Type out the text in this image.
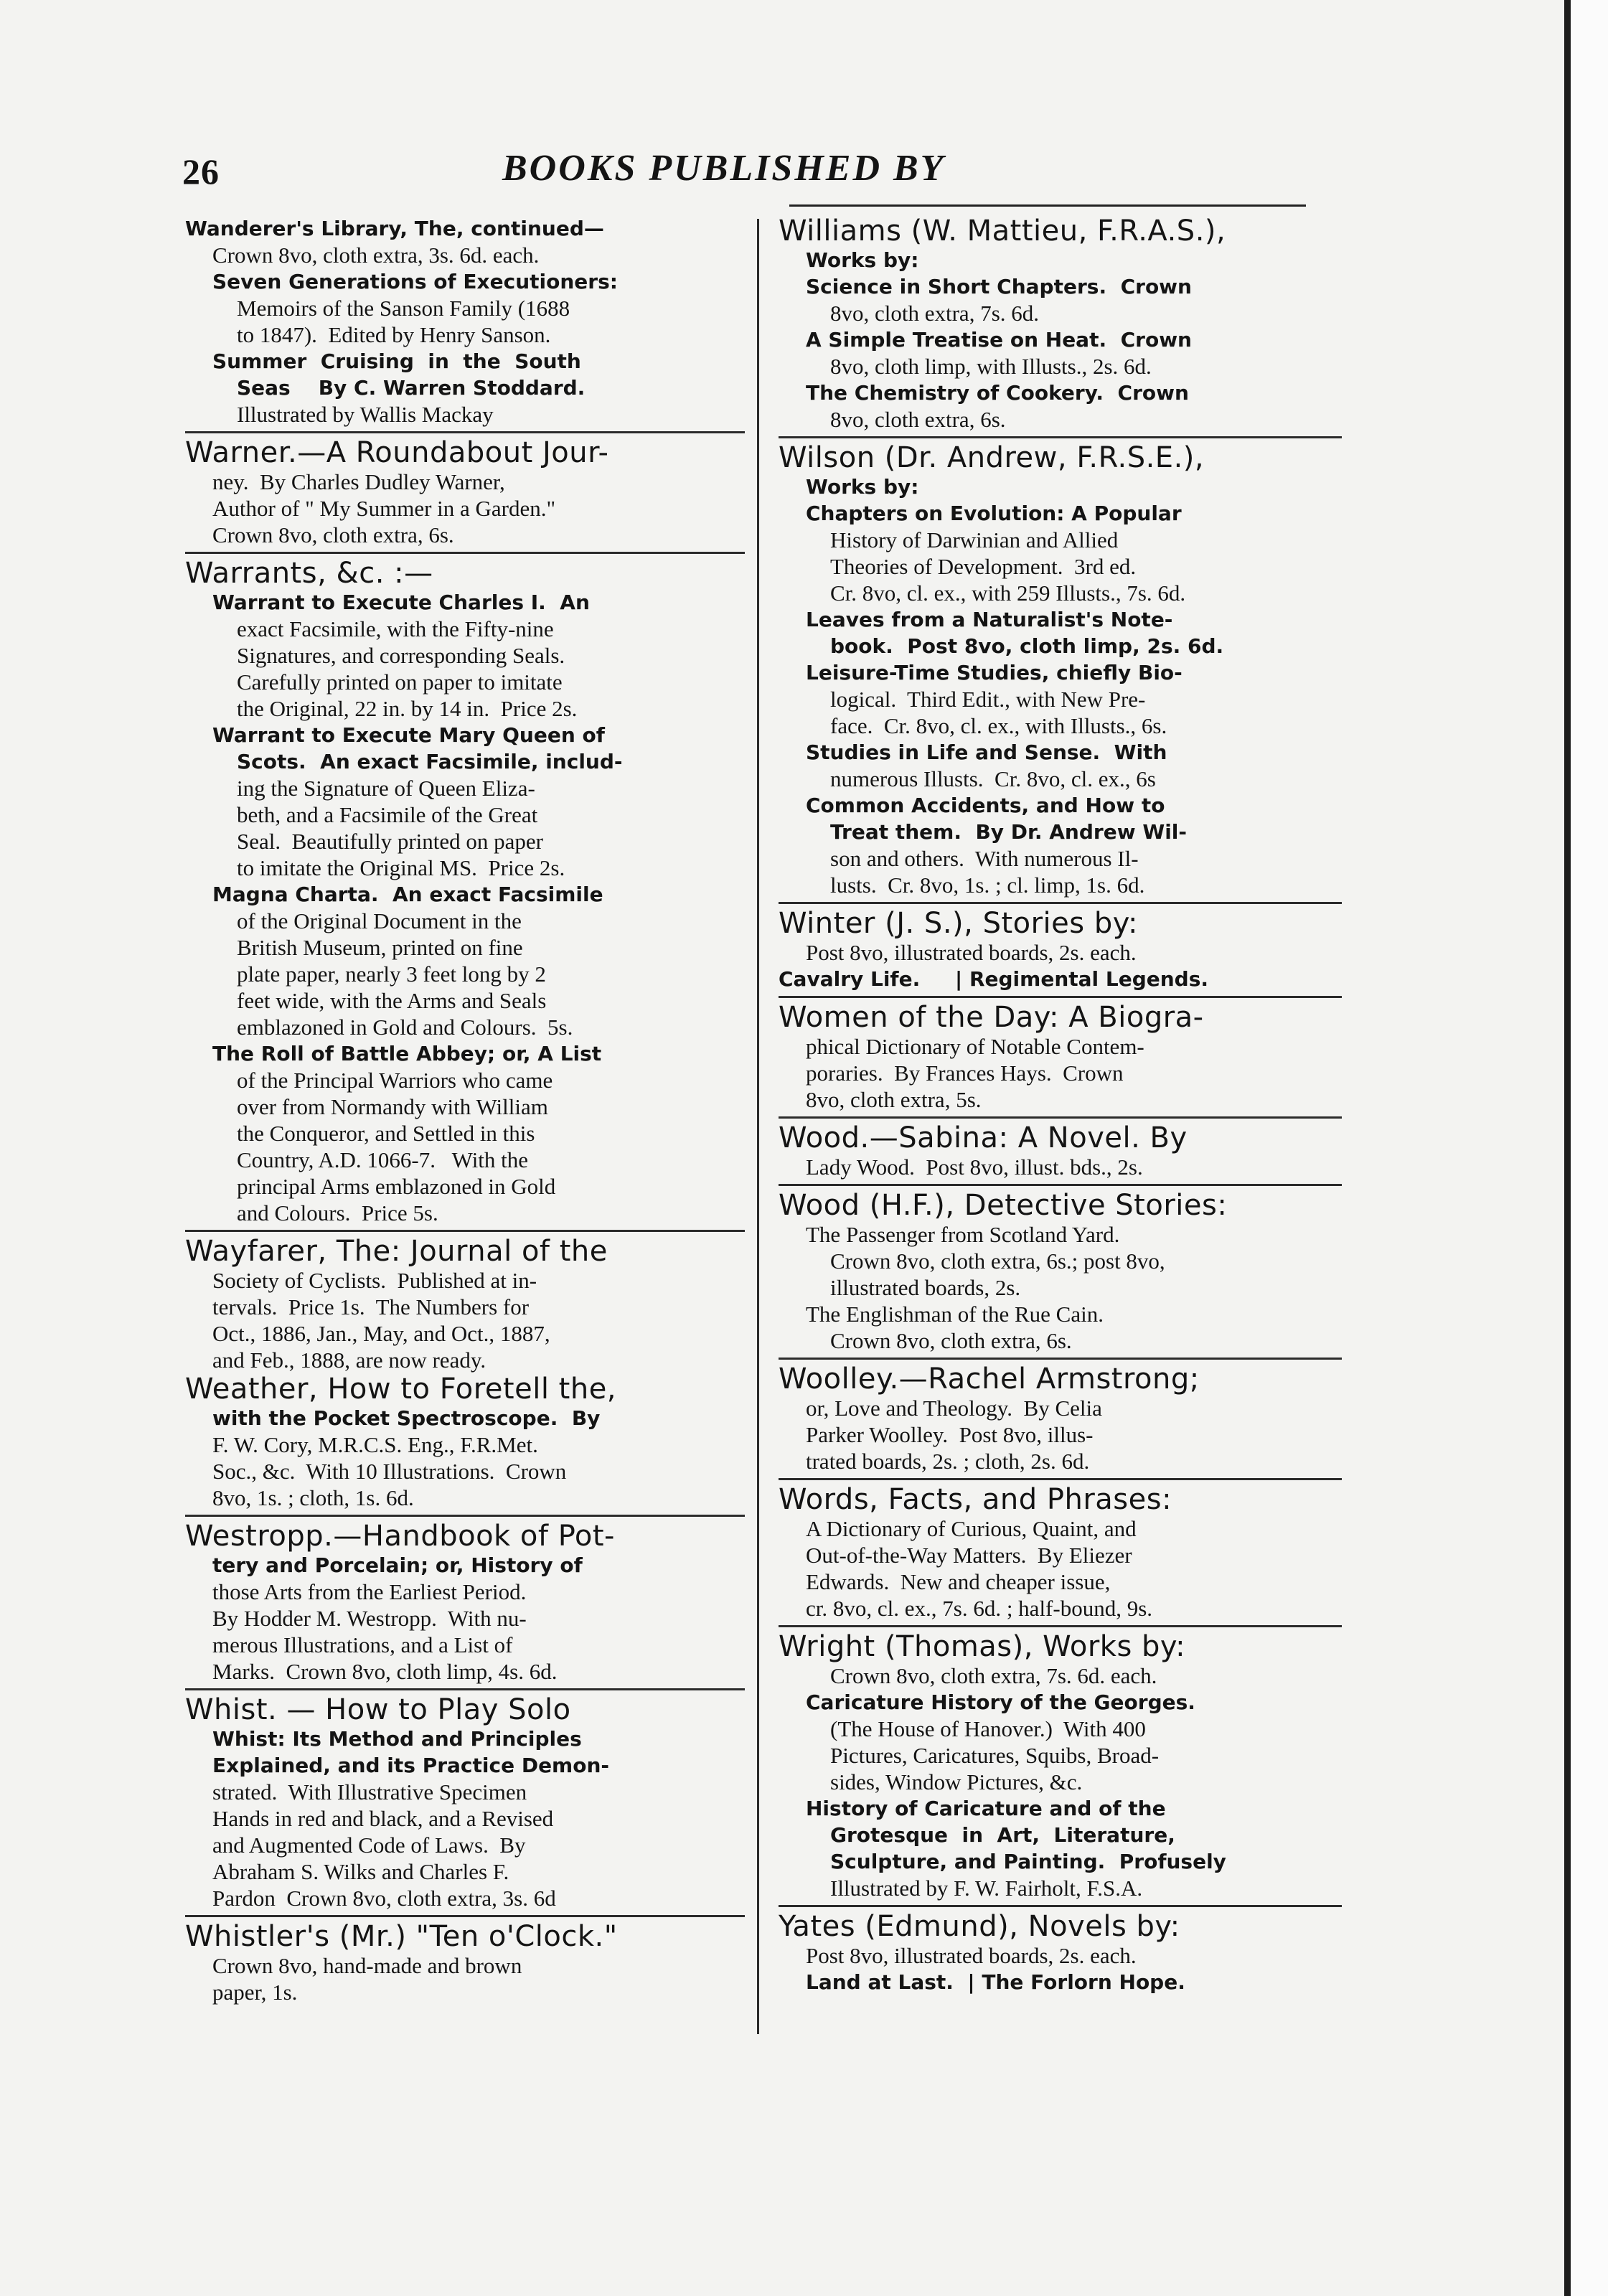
26	BOOKS PUBLISHED BY

Wanderer's Library, The, continued—

Crown 8vo, cloth extra, 3s. 6d. each.

Seven Generations of Executioners:

Memoirs of the Sanson Family (1688

to 1847).  Edited by Henry Sanson.

Summer  Cruising  in  the  South

Seas    By C. Warren Stoddard.

Illustrated by Wallis Mackay

Warner.—A Roundabout Jour-

ney.  By Charles Dudley Warner,

Author of " My Summer in a Garden."

Crown 8vo, cloth extra, 6s.

Warrants, &c. :—

Warrant to Execute Charles I.  An

exact Facsimile, with the Fifty-nine

Signatures, and corresponding Seals.

Carefully printed on paper to imitate

the Original, 22 in. by 14 in.  Price 2s.

Warrant to Execute Mary Queen of

Scots.  An exact Facsimile, includ-

ing the Signature of Queen Eliza-

beth, and a Facsimile of the Great

Seal.  Beautifully printed on paper

to imitate the Original MS.  Price 2s.

Magna Charta.  An exact Facsimile

of the Original Document in the

British Museum, printed on fine

plate paper, nearly 3 feet long by 2

feet wide, with the Arms and Seals

emblazoned in Gold and Colours.  5s.

The Roll of Battle Abbey; or, A List

of the Principal Warriors who came

over from Normandy with William

the Conqueror, and Settled in this

Country, A.D. 1066-7.   With the

principal Arms emblazoned in Gold

and Colours.  Price 5s.

Wayfarer, The: Journal of the

Society of Cyclists.  Published at in-

tervals.  Price 1s.  The Numbers for

Oct., 1886, Jan., May, and Oct., 1887,

and Feb., 1888, are now ready.

Weather, How to Foretell the,

with the Pocket Spectroscope.  By

F. W. Cory, M.R.C.S. Eng., F.R.Met.

Soc., &c.  With 10 Illustrations.  Crown

8vo, 1s. ; cloth, 1s. 6d.

Westropp.—Handbook of Pot-

tery and Porcelain; or, History of

those Arts from the Earliest Period.

By Hodder M. Westropp.  With nu-

merous Illustrations, and a List of

Marks.  Crown 8vo, cloth limp, 4s. 6d.

Whist. — How to Play Solo

Whist: Its Method and Principles

Explained, and its Practice Demon-

strated.  With Illustrative Specimen

Hands in red and black, and a Revised

and Augmented Code of Laws.  By

Abraham S. Wilks and Charles F.

Pardon  Crown 8vo, cloth extra, 3s. 6d

Whistler's (Mr.) "Ten o'Clock."

Crown 8vo, hand-made and brown

paper, 1s.

Williams (W. Mattieu, F.R.A.S.),

Works by:

Science in Short Chapters.  Crown

8vo, cloth extra, 7s. 6d.

A Simple Treatise on Heat.  Crown

8vo, cloth limp, with Illusts., 2s. 6d.

The Chemistry of Cookery.  Crown

8vo, cloth extra, 6s.

Wilson (Dr. Andrew, F.R.S.E.),

Works by:

Chapters on Evolution: A Popular

History of Darwinian and Allied

Theories of Development.  3rd ed.

Cr. 8vo, cl. ex., with 259 Illusts., 7s. 6d.

Leaves from a Naturalist's Note-

book.  Post 8vo, cloth limp, 2s. 6d.

Leisure-Time Studies, chiefly Bio-

logical.  Third Edit., with New Pre-

face.  Cr. 8vo, cl. ex., with Illusts., 6s.

Studies in Life and Sense.  With

numerous Illusts.  Cr. 8vo, cl. ex., 6s

Common Accidents, and How to

Treat them.  By Dr. Andrew Wil-

son and others.  With numerous Il-

lusts.  Cr. 8vo, 1s. ; cl. limp, 1s. 6d.

Winter (J. S.), Stories by:

Post 8vo, illustrated boards, 2s. each.

Cavalry Life.     | Regimental Legends.

Women of the Day: A Biogra-

phical Dictionary of Notable Contem-

poraries.  By Frances Hays.  Crown

8vo, cloth extra, 5s.

Wood.—Sabina: A Novel. By

Lady Wood.  Post 8vo, illust. bds., 2s.

Wood (H.F.), Detective Stories:

The Passenger from Scotland Yard.

Crown 8vo, cloth extra, 6s.; post 8vo,

illustrated boards, 2s.

The Englishman of the Rue Cain.

Crown 8vo, cloth extra, 6s.

Woolley.—Rachel Armstrong;

or, Love and Theology.  By Celia

Parker Woolley.  Post 8vo, illus-

trated boards, 2s. ; cloth, 2s. 6d.

Words, Facts, and Phrases:

A Dictionary of Curious, Quaint, and

Out-of-the-Way Matters.  By Eliezer

Edwards.  New and cheaper issue,

cr. 8vo, cl. ex., 7s. 6d. ; half-bound, 9s.

Wright (Thomas), Works by:

Crown 8vo, cloth extra, 7s. 6d. each.

Caricature History of the Georges.

(The House of Hanover.)  With 400

Pictures, Caricatures, Squibs, Broad-

sides, Window Pictures, &c.

History of Caricature and of the

Grotesque  in  Art,  Literature,

Sculpture, and Painting.  Profusely

Illustrated by F. W. Fairholt, F.S.A.

Yates (Edmund), Novels by:

Post 8vo, illustrated boards, 2s. each.

Land at Last.  | The Forlorn Hope.
